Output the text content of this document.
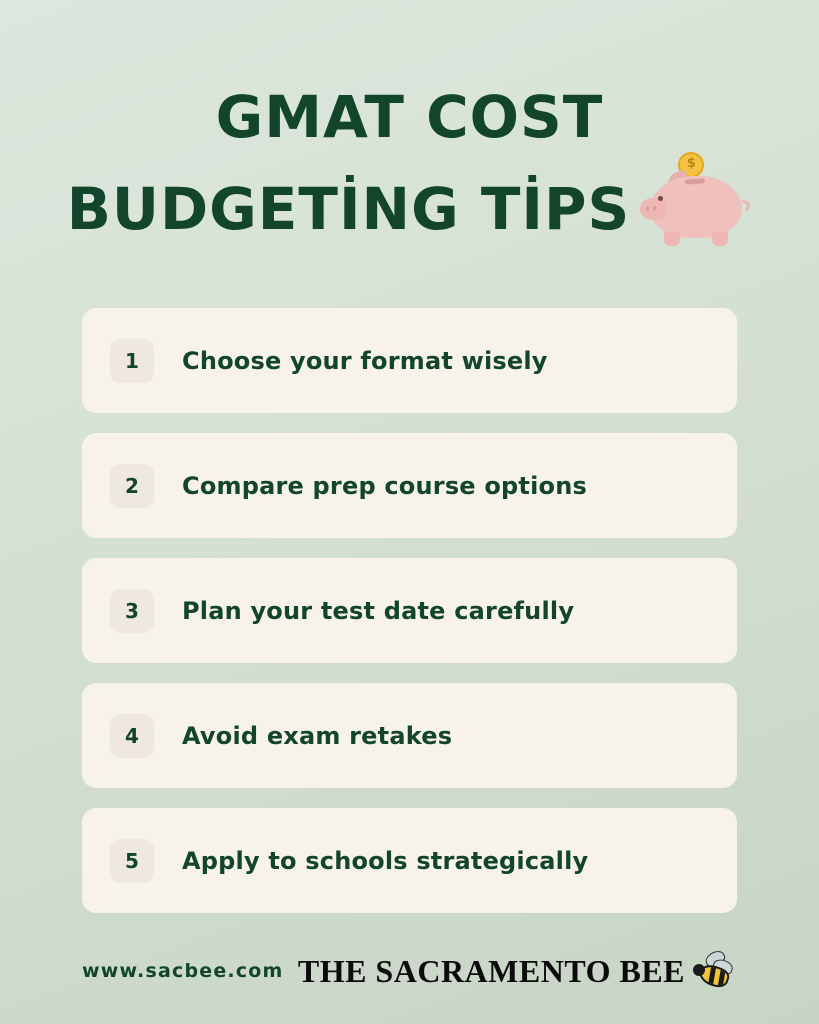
GMAT COST
BUDGETİNG TİPS
$
1	Choose your format wisely
2	Compare prep course options
3	Plan your test date carefully
4	Avoid exam retakes
5	Apply to schools strategically
www.sacbee.com THE SACRAMENTO BEE
